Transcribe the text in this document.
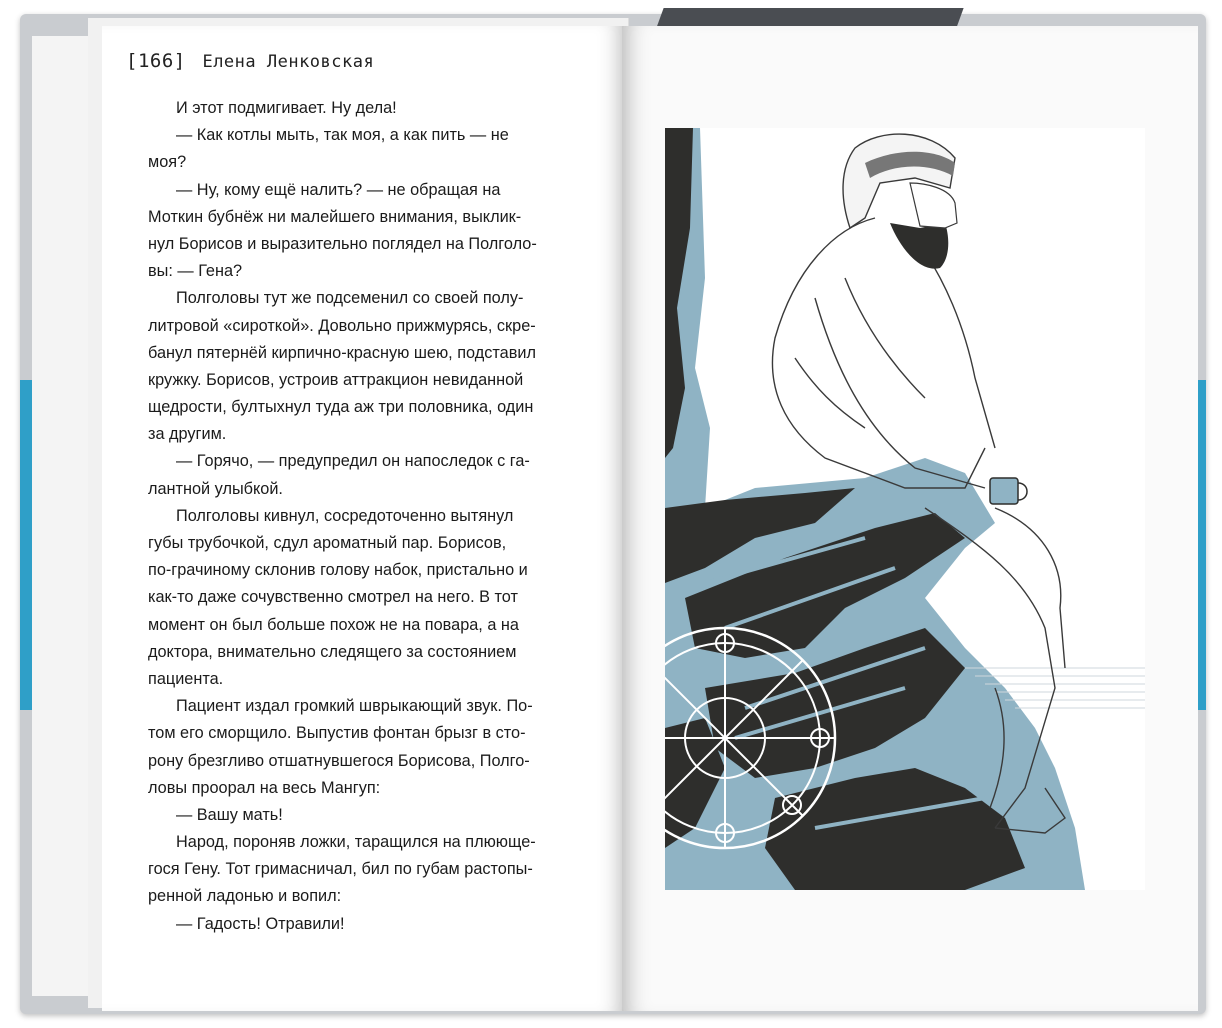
[166] Елена Ленковская
И этот подмигивает. Ну дела!
— Как котлы мыть, так моя, а как пить — не
моя?
— Ну, кому ещё налить? — не обращая на
Моткин бубнёж ни малейшего внимания, выклик-
нул Борисов и выразительно поглядел на Полголо-
вы: — Гена?
Полголовы тут же подсеменил со своей полу-
литровой «сироткой». Довольно прижмурясь, скре-
банул пятернёй кирпично-красную шею, подставил
кружку. Борисов, устроив аттракцион невиданной
щедрости, бултыхнул туда аж три половника, один
за другим.
— Горячо, — предупредил он напоследок с га-
лантной улыбкой.
Полголовы кивнул, сосредоточенно вытянул
губы трубочкой, сдул ароматный пар. Борисов,
по-грачиному склонив голову набок, пристально и
как-то даже сочувственно смотрел на него. В тот
момент он был больше похож не на повара, а на
доктора, внимательно следящего за состоянием
пациента.
Пациент издал громкий шврыкающий звук. По-
том его сморщило. Выпустив фонтан брызг в сто-
рону брезгливо отшатнувшегося Борисова, Полго-
ловы проорал на весь Мангуп:
— Вашу мать!
Народ, пороняв ложки, таращился на плююще-
гося Гену. Тот гримасничал, бил по губам растопы-
ренной ладонью и вопил:
— Гадость! Отравили!
